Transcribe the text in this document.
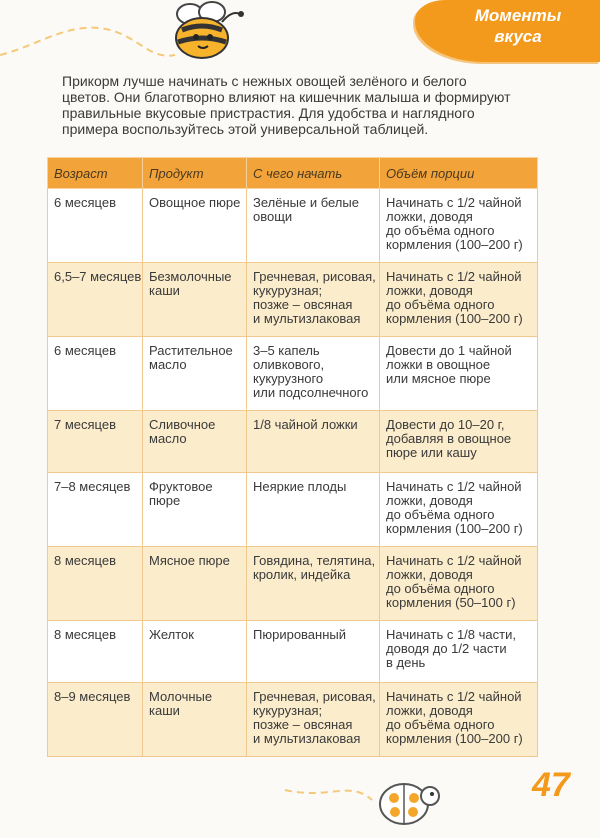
Моменты
вкуса
Прикорм лучше начинать с нежных овощей зелёного и белого
цветов. Они благотворно влияют на кишечник малыша и формируют
правильные вкусовые пристрастия. Для удобства и наглядного
примера воспользуйтесь этой универсальной таблицей.
Возраст	Продукт	С чего начать	Объём порции

6 месяцев	Овощное пюре	Зелёные и белые
овощи	Начинать с 1/2 чайной
ложки, доводя
до объёма одного
кормления (100–200 г)

6,5–7 месяцев	Безмолочные
каши	Гречневая, рисовая,
кукурузная;
позже – овсяная
и мультизлаковая	Начинать с 1/2 чайной
ложки, доводя
до объёма одного
кормления (100–200 г)

6 месяцев	Растительное
масло	3–5 капель
оливкового,
кукурузного
или подсолнечного	Довести до 1 чайной
ложки в овощное
или мясное пюре

7 месяцев	Сливочное
масло	1/8 чайной ложки	Довести до 10–20 г,
добавляя в овощное
пюре или кашу

7–8 месяцев	Фруктовое
пюре	Неяркие плоды	Начинать с 1/2 чайной
ложки, доводя
до объёма одного
кормления (100–200 г)

8 месяцев	Мясное пюре	Говядина, телятина,
кролик, индейка	Начинать с 1/2 чайной
ложки, доводя
до объёма одного
кормления (50–100 г)

8 месяцев	Желток	Пюрированный	Начинать с 1/8 части,
доводя до 1/2 части
в день

8–9 месяцев	Молочные
каши	Гречневая, рисовая,
кукурузная;
позже – овсяная
и мультизлаковая	Начинать с 1/2 чайной
ложки, доводя
до объёма одного
кормления (100–200 г)
47
